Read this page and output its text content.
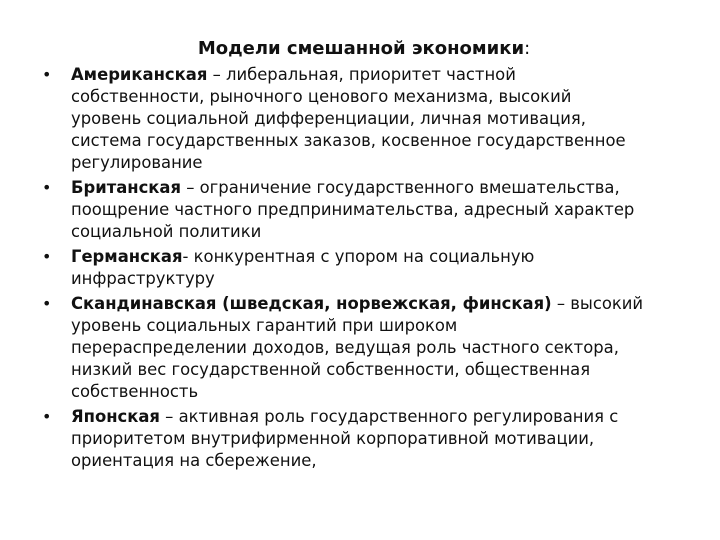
Модели смешанной экономики:
• Американская – либеральная, приоритет частной
собственности, рыночного ценового механизма, высокий
уровень социальной дифференциации, личная мотивация,
система государственных заказов, косвенное государственное
регулирование
• Британская – ограничение государственного вмешательства,
поощрение частного предпринимательства, адресный характер
социальной политики
• Германская- конкурентная с упором на социальную
инфраструктуру
• Скандинавская (шведская, норвежская, финская) – высокий
уровень социальных гарантий при широком
перераспределении доходов, ведущая роль частного сектора,
низкий вес государственной собственности, общественная
собственность
• Японская – активная роль государственного регулирования с
приоритетом внутрифирменной корпоративной мотивации,
ориентация на сбережение,
